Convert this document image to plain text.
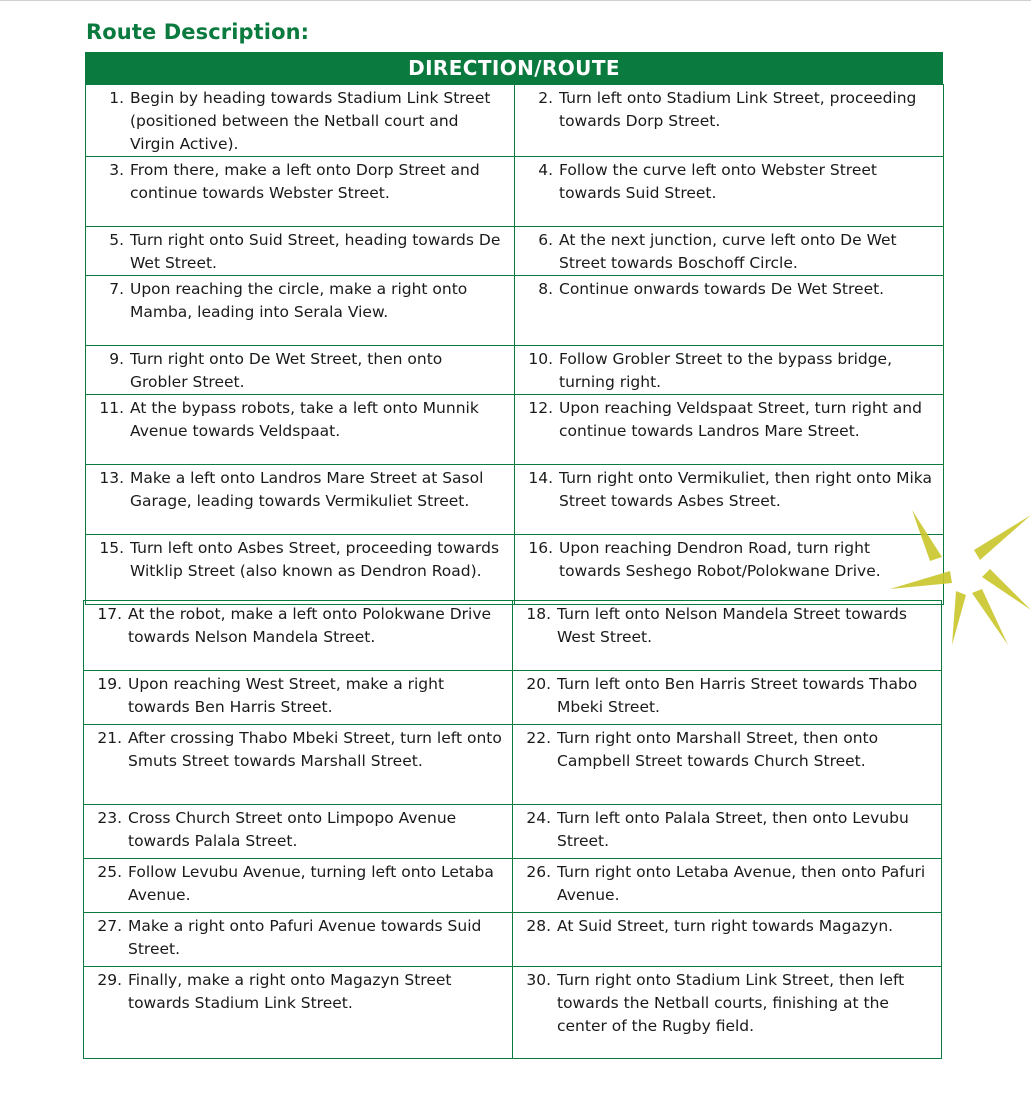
Route Description:
DIRECTION/ROUTE
1. Begin by heading towards Stadium Link Street (positioned between the Netball court and Virgin Active).	2. Turn left onto Stadium Link Street, proceeding towards Dorp Street.

3. From there, make a left onto Dorp Street and continue towards Webster Street.	4. Follow the curve left onto Webster Street towards Suid Street.

5. Turn right onto Suid Street, heading towards De Wet Street.	6. At the next junction, curve left onto De Wet Street towards Boschoff Circle.

7. Upon reaching the circle, make a right onto Mamba, leading into Serala View.	8. Continue onwards towards De Wet Street.

9. Turn right onto De Wet Street, then onto Grobler Street.	10. Follow Grobler Street to the bypass bridge, turning right.

11. At the bypass robots, take a left onto Munnik Avenue towards Veldspaat.	12. Upon reaching Veldspaat Street, turn right and continue towards Landros Mare Street.

13. Make a left onto Landros Mare Street at Sasol Garage, leading towards Vermikuliet Street.	14. Turn right onto Vermikuliet, then right onto Mika Street towards Asbes Street.

15. Turn left onto Asbes Street, proceeding towards Witklip Street (also known as Dendron Road).	16. Upon reaching Dendron Road, turn right towards Seshego Robot/Polokwane Drive.
17. At the robot, make a left onto Polokwane Drive towards Nelson Mandela Street.	18. Turn left onto Nelson Mandela Street towards West Street.

19. Upon reaching West Street, make a right towards Ben Harris Street.	20. Turn left onto Ben Harris Street towards Thabo Mbeki Street.

21. After crossing Thabo Mbeki Street, turn left onto Smuts Street towards Marshall Street.	22. Turn right onto Marshall Street, then onto Campbell Street towards Church Street.

23. Cross Church Street onto Limpopo Avenue towards Palala Street.	24. Turn left onto Palala Street, then onto Levubu Street.

25. Follow Levubu Avenue, turning left onto Letaba Avenue.	26. Turn right onto Letaba Avenue, then onto Pafuri Avenue.

27. Make a right onto Pafuri Avenue towards Suid Street.	28. At Suid Street, turn right towards Magazyn.

29. Finally, make a right onto Magazyn Street towards Stadium Link Street.	30. Turn right onto Stadium Link Street, then left towards the Netball courts, finishing at the center of the Rugby field.
